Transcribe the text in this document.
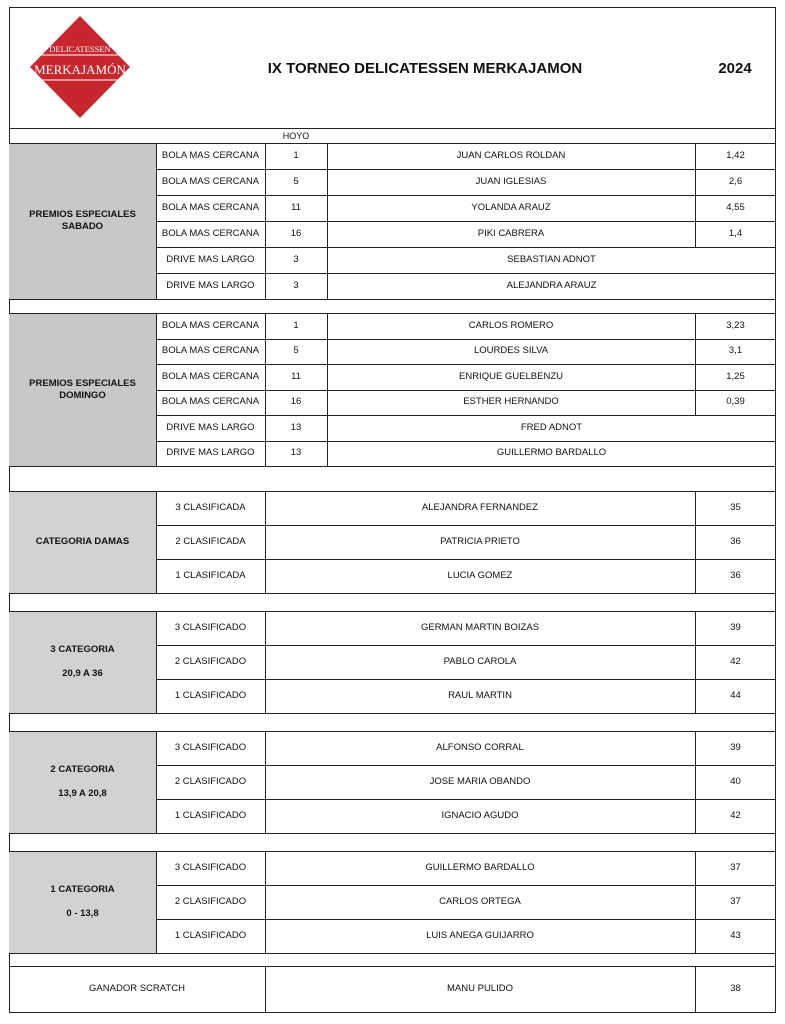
DELICATESSEN
MERKAJAMÓN	IX TORNEO DELICATESSEN MERKAJAMON	2024
HOYO
PREMIOS ESPECIALES
SABADO
BOLA MAS CERCANA	1	JUAN CARLOS ROLDAN	1,42
BOLA MAS CERCANA	5	JUAN IGLESIAS	2,6
BOLA MAS CERCANA	11	YOLANDA ARAUZ	4,55
BOLA MAS CERCANA	16	PIKI CABRERA	1,4
DRIVE MAS LARGO	3	SEBASTIAN ADNOT
DRIVE MAS LARGO	3	ALEJANDRA ARAUZ
PREMIOS ESPECIALES
DOMINGO
BOLA MAS CERCANA	1	CARLOS ROMERO	3,23
BOLA MAS CERCANA	5	LOURDES SILVA	3,1
BOLA MAS CERCANA	11	ENRIQUE GUELBENZU	1,25
BOLA MAS CERCANA	16	ESTHER HERNANDO	0,39
DRIVE MAS LARGO	13	FRED ADNOT
DRIVE MAS LARGO	13	GUILLERMO BARDALLO
CATEGORIA DAMAS
3 CLASIFICADA	ALEJANDRA FERNANDEZ	35
2 CLASIFICADA	PATRICIA PRIETO	36
1 CLASIFICADA	LUCIA GOMEZ	36
3 CATEGORIA
20,9 A 36
3 CLASIFICADO	GERMAN MARTIN BOIZAS	39
2 CLASIFICADO	PABLO CAROLA	42
1 CLASIFICADO	RAUL MARTIN	44
2 CATEGORIA
13,9 A 20,8
3 CLASIFICADO	ALFONSO CORRAL	39
2 CLASIFICADO	JOSE MARIA OBANDO	40
1 CLASIFICADO	IGNACIO AGUDO	42
1 CATEGORIA
0 - 13,8
3 CLASIFICADO	GUILLERMO BARDALLO	37
2 CLASIFICADO	CARLOS ORTEGA	37
1 CLASIFICADO	LUIS ANEGA GUIJARRO	43
GANADOR SCRATCH	MANU PULIDO	38
